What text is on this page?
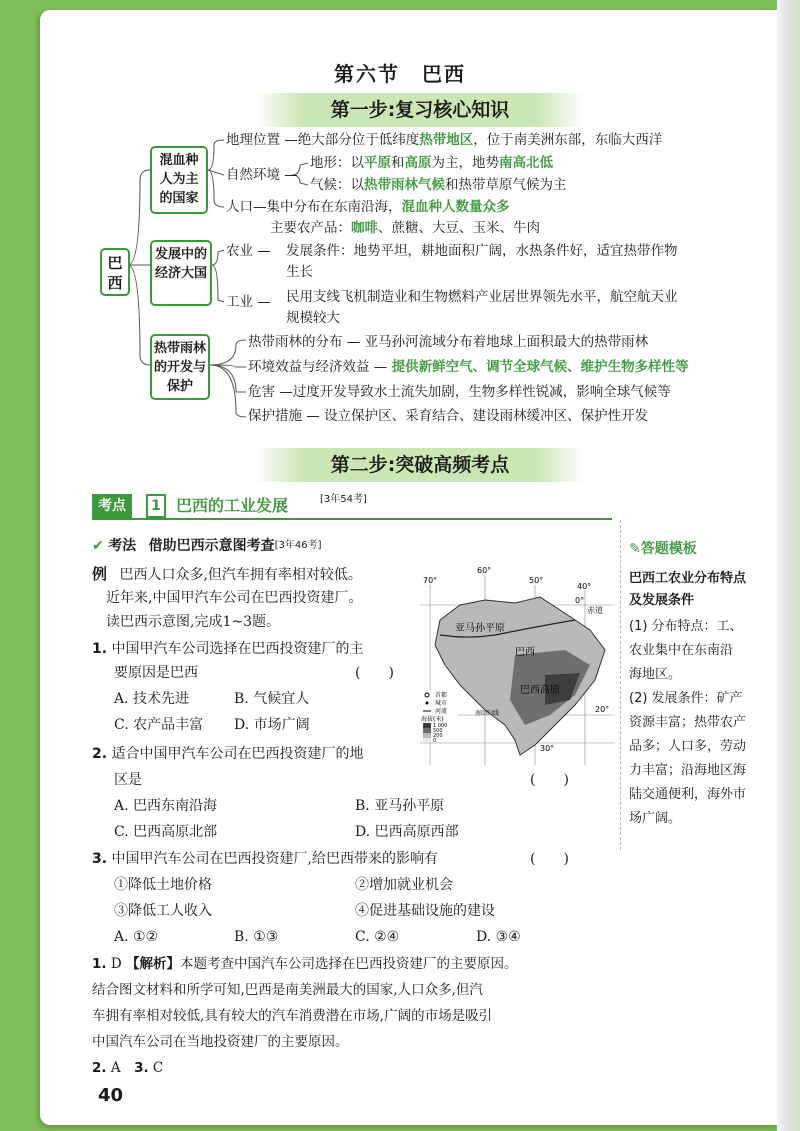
第六节　巴西
第一步:复习核心知识
巴西
混血种人为主的国家
发展中的经济大国
热带雨林的开发与保护
地理位置 —绝大部分位于低纬度热带地区，位于南美洲东部，东临大西洋
自然环境 —
地形：以平原和高原为主，地势南高北低
气候：以热带雨林气候和热带草原气候为主
人口—集中分布在东南沿海，混血种人数量众多
主要农产品：咖啡、蔗糖、大豆、玉米、牛肉
农业 — 发展条件：地势平坦，耕地面积广阔，水热条件好，适宜热带作物
生长
工业 — 民用支线飞机制造业和生物燃料产业居世界领先水平，航空航天业
规模较大
热带雨林的分布 — 亚马孙河流域分布着地球上面积最大的热带雨林
环境效益与经济效益 — 提供新鲜空气、调节全球气候、维护生物多样性等
危害 —过度开发导致水土流失加剧，生物多样性锐减，影响全球气候等
保护措施 — 设立保护区、采育结合、建设雨林缓冲区、保护性开发
第二步:突破高频考点
考点	1 巴西的工业发展	[3年54考]
✔ 考法 借助巴西示意图考查[3年46考]
例 巴西人口众多,但汽车拥有率相对较低。
近年来,中国甲汽车公司在巴西投资建厂。
读巴西示意图,完成1~3题。
1. 中国甲汽车公司选择在巴西投资建厂的主
要原因是巴西	(　　)
A. 技术先进	B. 气候宜人
C. 农产品丰富 D. 市场广阔
2. 适合中国甲汽车公司在巴西投资建厂的地
区是	(　　)
A. 巴西东南沿海	B. 亚马孙平原
C. 巴西高原北部	D. 巴西高原西部
3. 中国甲汽车公司在巴西投资建厂,给巴西带来的影响有	(　　)
①降低土地价格	②增加就业机会
③降低工人收入	④促进基础设施的建设
A. ①②	B. ①③	C. ②④	D. ③④
1. D 【解析】本题考查中国汽车公司选择在巴西投资建厂的主要原因。
结合图文材料和所学可知,巴西是南美洲最大的国家,人口众多,但汽
车拥有率相对较低,具有较大的汽车消费潜在市场,广阔的市场是吸引
中国汽车公司在当地投资建厂的主要原因。
2. A　 3. C
60°
70°	50°
40°
0°
赤道
20°
30°
南回归线
首都
城市
河流
海拔(米)
1 000
500
200
0
亚马孙平原
巴西
巴西高原
✎答题模板
巴西工农业分布特点
及发展条件
(1) 分布特点：工、
农业集中在东南沿
海地区。
(2) 发展条件：矿产
资源丰富；热带农产
品多；人口多，劳动
力丰富；沿海地区海
陆交通便利，海外市
场广阔。
40
